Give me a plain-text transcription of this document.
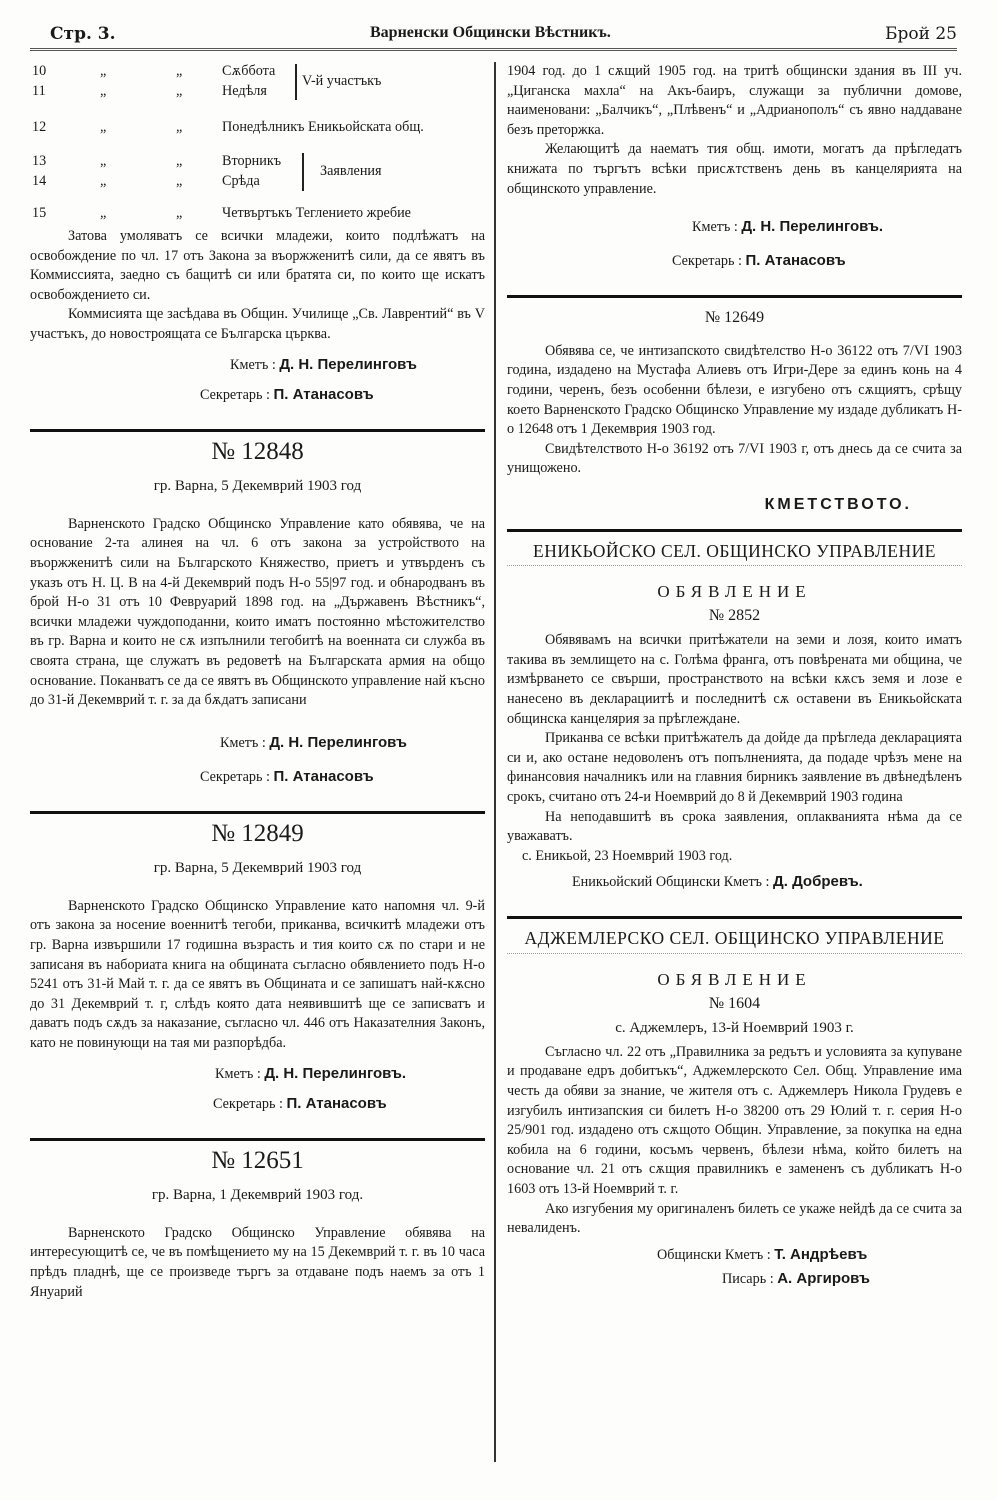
Стр. 3.	Варненски Общински Вѣстникъ.	Брой 25
10	„	„	Сѫббота
11	„	„	Недѣля
V-й участъкъ
12	„	„	Понедѣлникъ Еникьойската общ.
13	„	„	Вторникъ
14	„	„	Срѣда
Заявления
15	„	„	Четвъртъкъ Теглението жребие

Затова умоляватъ се всички младежи, които подлѣжатъ на освобождение по чл. 17 отъ Закона за въоржженитѣ сили, да се явятъ въ Коммиссията, заедно съ бащитѣ си или братята си, по които ще искатъ освобождението си.

Коммисията ще засѣдава въ Общин. Училище „Св. Лаврентий“ въ V участъкъ, до новостроящата се Българска църква.

Кметъ : Д. Н. Перелинговъ
Секретарь : П. Атанасовъ
№ 12848
гр. Варна, 5 Декемврий 1903 год

Варненското Градско Общинско Управление като обявява, че на основание 2-та алинея на чл. 6 отъ закона за устройството на въоржженитѣ сили на Българското Княжество, приетъ и утвърденъ съ указъ отъ Н. Ц. В на 4-й Декемврий подъ Н-о 55|97 год. и обнародванъ въ брой Н-о 31 отъ 10 Февруарий 1898 год. на „Държавенъ Вѣстникъ“, всички младежи чуждоподанни, които иматъ постоянно мѣстожителство въ гр. Варна и които не сѫ изпълнили тегобитѣ на военната си служба въ своята страна, ще служатъ въ редоветѣ на Българската армия на общо основание. Поканватъ се да се явятъ въ Общинското управление най късно до 31-й Декемврий т. г. за да бѫдатъ записани

Кметъ : Д. Н. Перелинговъ
Секретарь : П. Атанасовъ
№ 12849
гр. Варна, 5 Декемврий 1903 год

Варненското Градско Общинско Управление като напомня чл. 9-й отъ закона за носение военнитѣ тегоби, приканва, всичкитѣ младежи отъ гр. Варна извършили 17 годишна възрасть и тия които сѫ по стари и не записаня въ набориата книга на общината съгласно обявлението подъ Н-о 5241 отъ 31-й Май т. г. да се явятъ въ Общината и се запишатъ най-кѫсно до 31 Декемврий т. г, слѣдъ която дата неявившитѣ ще се записватъ и даватъ подъ сѫдъ за наказание, съгласно чл. 446 отъ Наказателния Законъ, като не повинующи на тая ми разпорѣдба.

Кметъ : Д. Н. Перелинговъ.
Секретарь : П. Атанасовъ
№ 12651
гр. Варна, 1 Декемврий 1903 год.

Варненското Градско Общинско Управление обявява на интересующитѣ се, че въ помѣщението му на 15 Декемврий т. г. въ 10 часа прѣдъ пладнѣ, ще се произведе търгъ за отдаване подъ наемъ за отъ 1 Януарий

1904 год. до 1 сѫщий 1905 год. на тритѣ общински здания въ III уч. „Циганска махла“ на Акъ-баиръ, служащи за публични домове, наименовани: „Балчикъ“, „Плѣвенъ“ и „Адрианополъ“ съ явно наддаване безъ преторжка.

Желающитѣ да наематъ тия общ. имоти, могатъ да прѣгледатъ книжата по търгътъ всѣки присѫтственъ день въ канцелярията на общинското управление.

Кметъ : Д. Н. Перелинговъ.
Секретарь : П. Атанасовъ
№ 12649

Обявява се, че интизапското свидѣтелство Н-о 36122 отъ 7/VI 1903 година, издадено на Мустафа Алиевъ отъ Игри-Дере за единъ конь на 4 години, черенъ, безъ особенни бѣлези, е изгубено отъ сѫщиятъ, срѣщу което Варненското Градско Общинско Управление му издаде дубликатъ Н-о 12648 отъ 1 Декемврия 1903 год.

Свидѣтелството Н-о 36192 отъ 7/VI 1903 г, отъ днесь да се счита за унищожено.

КМЕТСТВОТО.
ЕНИКЬОЙСКО СЕЛ. ОБЩИНСКО УПРАВЛЕНИЕ
ОБЯВЛЕНИЕ
№ 2852

Обявявамъ на всички притѣжатели на земи и лозя, които иматъ такива въ землището на с. Голѣма франга, отъ повѣрената ми община, че измѣрването се свърши, пространството на всѣки кѫсъ земя и лозе е нанесено въ декларациитѣ и последнитѣ сѫ оставени въ Еникьойската общинска канцелярия за прѣглеждане.

Приканва се всѣки притѣжателъ да дойде да прѣгледа декларацията си и, ако остане недоволенъ отъ попълненията, да подаде чрѣзъ мене на финансовия началникъ или на главния бирникъ заявление въ двѣнедѣленъ срокъ, считано отъ 24-и Ноемврий до 8 й Декемврий 1903 година

На неподавшитѣ въ срока заявления, оплакванията нѣма да се уважаватъ.

с. Еникьой, 23 Ноемврий 1903 год.

Еникьойский Общински Кметъ : Д. Добревъ.
АДЖЕМЛЕРСКО СЕЛ. ОБЩИНСКО УПРАВЛЕНИЕ
ОБЯВЛЕНИЕ
№ 1604
с. Аджемлеръ, 13-й Ноемврий 1903 г.

Съгласно чл. 22 отъ „Правилника за редътъ и условията за купуване и продаване едръ добитъкъ“, Аджемлерското Сел. Общ. Управление има честь да обяви за знание, че жителя отъ с. Аджемлеръ Никола Грудевъ е изгубилъ интизапския си билетъ Н-о 38200 отъ 29 Юлий т. г. серия Н-о 25/901 год. издадено отъ сѫщото Общин. Управление, за покупка на една кобила на 6 години, косъмъ червенъ, бѣлези нѣма, който билетъ на основание чл. 21 отъ сѫщия правилникъ е замененъ съ дубликатъ Н-о 1603 отъ 13-й Ноемврий т. г.

Ако изгубения му оригиналенъ билеть се укаже нейдѣ да се счита за невалиденъ.

Общински Кметъ : Т. Андрѣевъ
Писарь : А. Аргировъ
